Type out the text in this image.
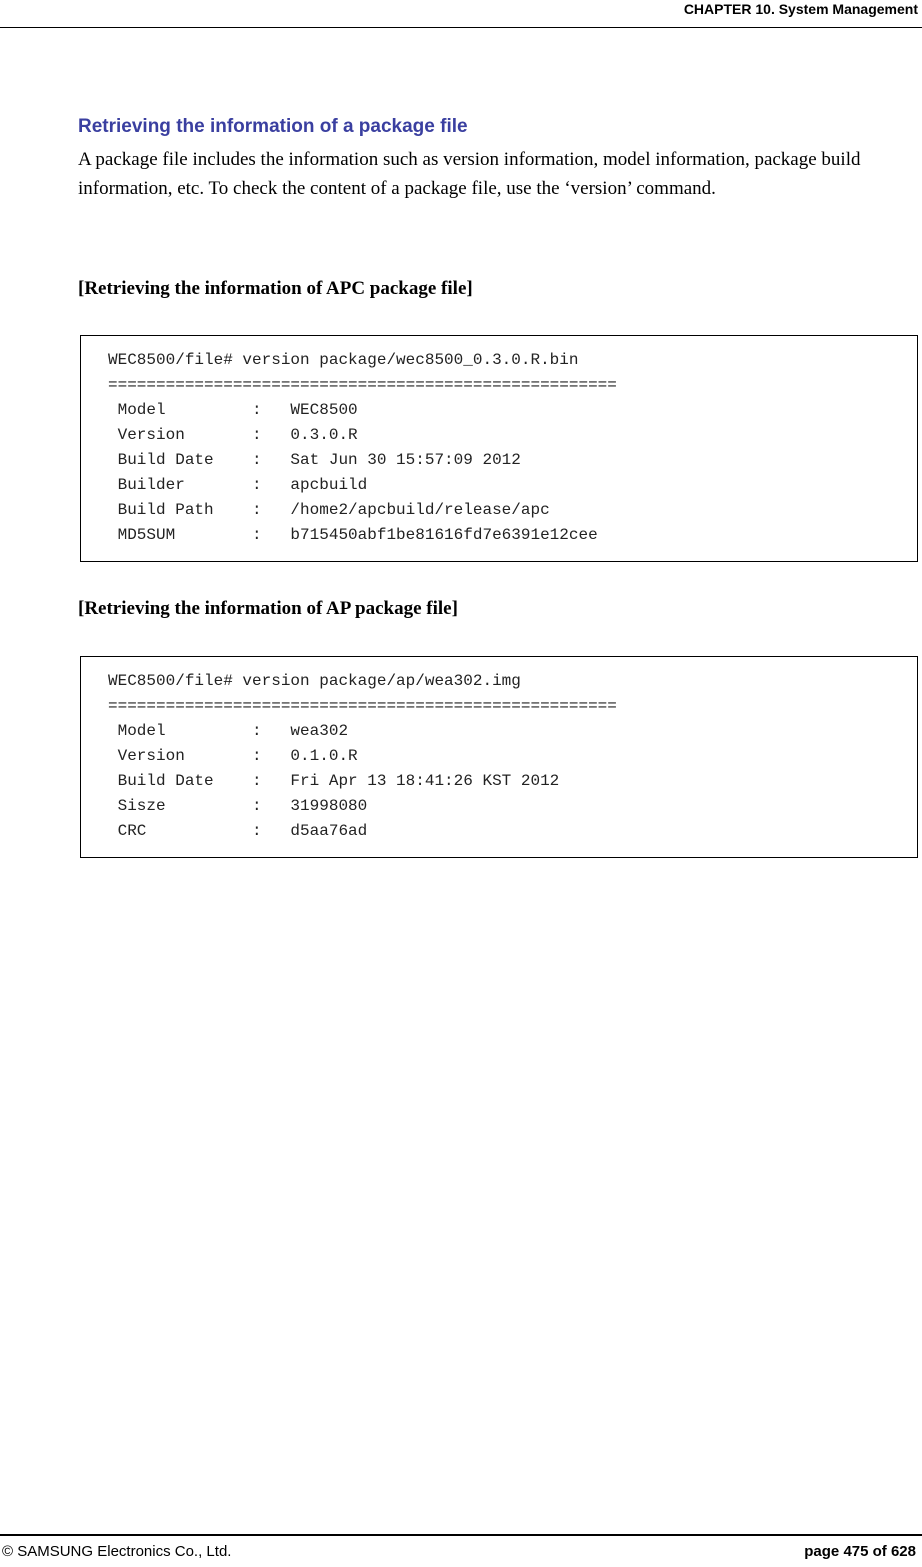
CHAPTER 10. System Management
Retrieving the information of a package file

A package file includes the information such as version information, model information, package build information, etc. To check the content of a package file, use the ‘version’ command.

[Retrieving the information of APC package file]
WEC8500/file# version package/wec8500_0.3.0.R.bin
=====================================================
Model         :   WEC8500
Version       :   0.3.0.R
Build Date    :   Sat Jun 30 15:57:09 2012
Builder       :   apcbuild
Build Path    :   /home2/apcbuild/release/apc
MD5SUM        :   b715450abf1be81616fd7e6391e12cee
[Retrieving the information of AP package file]
WEC8500/file# version package/ap/wea302.img
=====================================================
Model         :   wea302
Version       :   0.1.0.R
Build Date    :   Fri Apr 13 18:41:26 KST 2012
Sisze         :   31998080
CRC           :   d5aa76ad
© SAMSUNG Electronics Co., Ltd.	page 475 of 628
